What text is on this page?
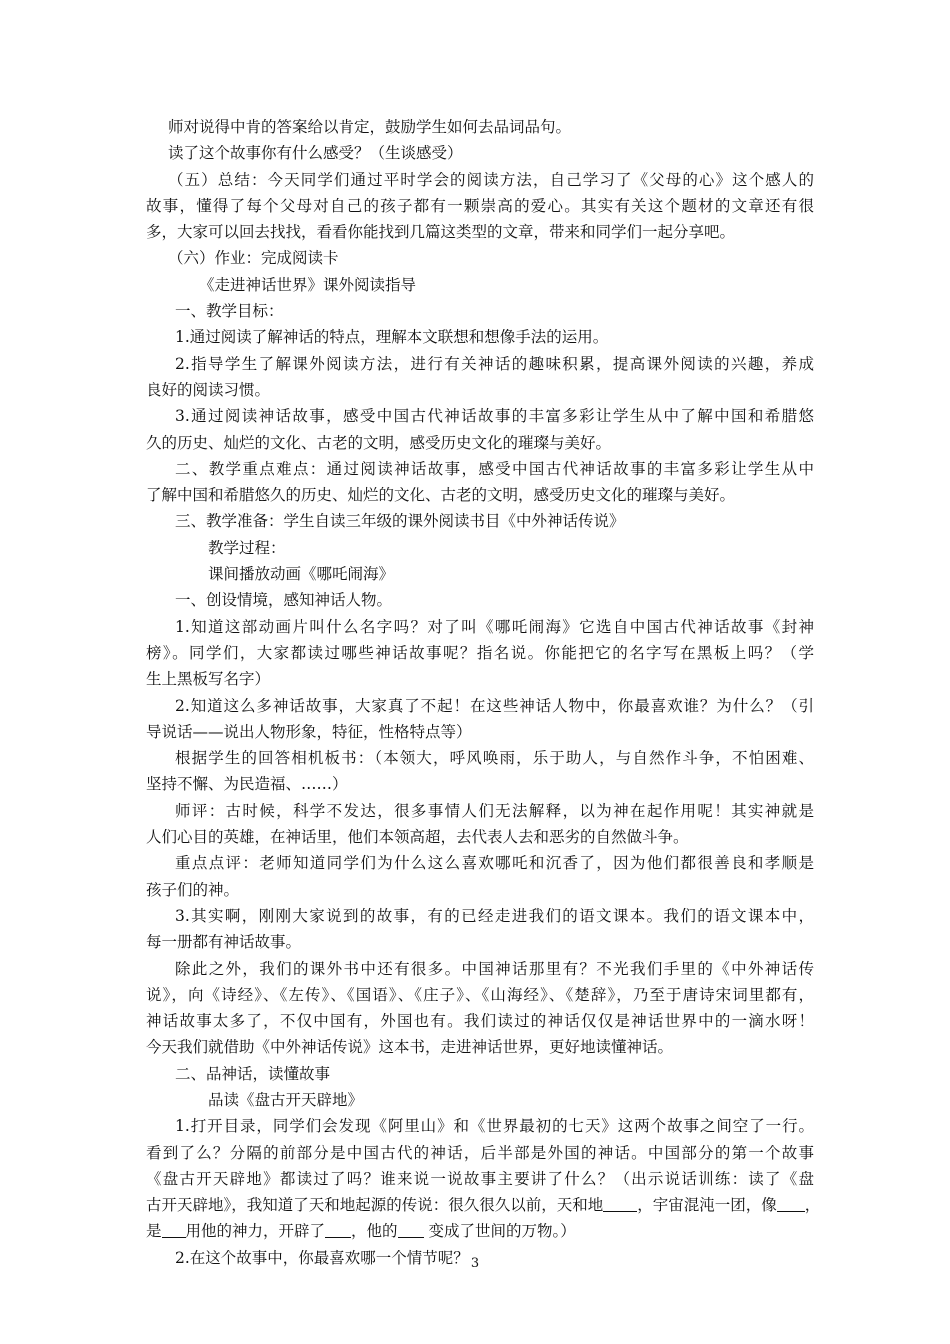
师对说得中肯的答案给以肯定，鼓励学生如何去品词品句。
读了这个故事你有什么感受？（生谈感受）
（五）总结：今天同学们通过平时学会的阅读方法，自己学习了《父母的心》这个感人的
故事，懂得了每个父母对自己的孩子都有一颗崇高的爱心。其实有关这个题材的文章还有很
多，大家可以回去找找，看看你能找到几篇这类型的文章，带来和同学们一起分享吧。
（六）作业：完成阅读卡
《走进神话世界》课外阅读指导
一、教学目标：
1.通过阅读了解神话的特点，理解本文联想和想像手法的运用。
2.指导学生了解课外阅读方法，进行有关神话的趣味积累，提高课外阅读的兴趣，养成
良好的阅读习惯。
3.通过阅读神话故事，感受中国古代神话故事的丰富多彩让学生从中了解中国和希腊悠
久的历史、灿烂的文化、古老的文明，感受历史文化的璀璨与美好。
二、教学重点难点：通过阅读神话故事，感受中国古代神话故事的丰富多彩让学生从中
了解中国和希腊悠久的历史、灿烂的文化、古老的文明，感受历史文化的璀璨与美好。
三、教学准备：学生自读三年级的课外阅读书目《中外神话传说》
教学过程：
课间播放动画《哪吒闹海》
一、创设情境，感知神话人物。
1.知道这部动画片叫什么名字吗？对了叫《哪吒闹海》它选自中国古代神话故事《封神
榜》。同学们，大家都读过哪些神话故事呢？指名说。你能把它的名字写在黑板上吗？（学
生上黑板写名字）
2.知道这么多神话故事，大家真了不起！在这些神话人物中，你最喜欢谁？为什么？（引
导说话——说出人物形象，特征，性格特点等）
根据学生的回答相机板书：（本领大，呼风唤雨，乐于助人，与自然作斗争，不怕困难、
坚持不懈、为民造福、……）
师评：古时候，科学不发达，很多事情人们无法解释，以为神在起作用呢！其实神就是
人们心目的英雄，在神话里，他们本领高超，去代表人去和恶劣的自然做斗争。
重点点评：老师知道同学们为什么这么喜欢哪吒和沉香了，因为他们都很善良和孝顺是
孩子们的神。
3.其实啊，刚刚大家说到的故事，有的已经走进我们的语文课本。我们的语文课本中，
每一册都有神话故事。
除此之外，我们的课外书中还有很多。中国神话那里有？不光我们手里的《中外神话传
说》，向《诗经》、《左传》、《国语》、《庄子》、《山海经》、《楚辞》，乃至于唐诗宋词里都有，
神话故事太多了，不仅中国有，外国也有。我们读过的神话仅仅是神话世界中的一滴水呀！
今天我们就借助《中外神话传说》这本书，走进神话世界，更好地读懂神话。
二、品神话，读懂故事
品读《盘古开天辟地》
1.打开目录，同学们会发现《阿里山》和《世界最初的七天》这两个故事之间空了一行。
看到了么？分隔的前部分是中国古代的神话，后半部是外国的神话。中国部分的第一个故事
《盘古开天辟地》都读过了吗？谁来说一说故事主要讲了什么？（出示说话训练：读了《盘
古开天辟地》，我知道了天和地起源的传说：很久很久以前，天和地 ，宇宙混沌一团，像 ，
是 用他的神力，开辟了 ，他的 变成了世间的万物。）
2.在这个故事中，你最喜欢哪一个情节呢？ 3
